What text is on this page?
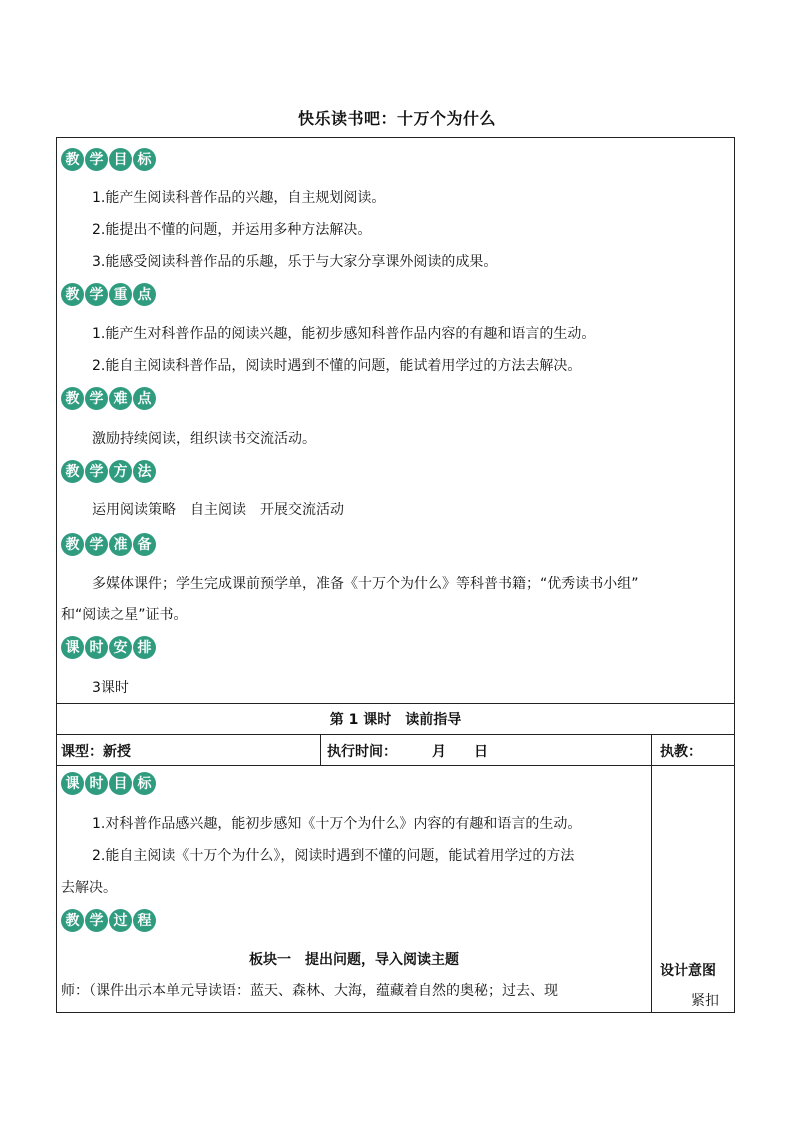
快乐读书吧：十万个为什么
教 学 目 标
1.能产生阅读科普作品的兴趣，自主规划阅读。
2.能提出不懂的问题，并运用多种方法解决。
3.能感受阅读科普作品的乐趣，乐于与大家分享课外阅读的成果。
教 学 重 点
1.能产生对科普作品的阅读兴趣，能初步感知科普作品内容的有趣和语言的生动。
2.能自主阅读科普作品，阅读时遇到不懂的问题，能试着用学过的方法去解决。
教 学 难 点
激励持续阅读，组织读书交流活动。
教 学 方 法
运用阅读策略　自主阅读　开展交流活动
教 学 准 备
多媒体课件；学生完成课前预学单，准备《十万个为什么》等科普书籍；“优秀读书小组”
和“阅读之星”证书。
课 时 安 排
3课时
第 1 课时　读前指导
课型：新授	执行时间：　　　月　　日	执教：
课 时 目 标
1.对科普作品感兴趣，能初步感知《十万个为什么》内容的有趣和语言的生动。
2.能自主阅读《十万个为什么》，阅读时遇到不懂的问题，能试着用学过的方法
去解决。
教 学 过 程
板块一　提出问题，导入阅读主题
师：（课件出示本单元导读语：蓝天、森林、大海，蕴藏着自然的奥秘；过去、现
设计意图
紧扣
